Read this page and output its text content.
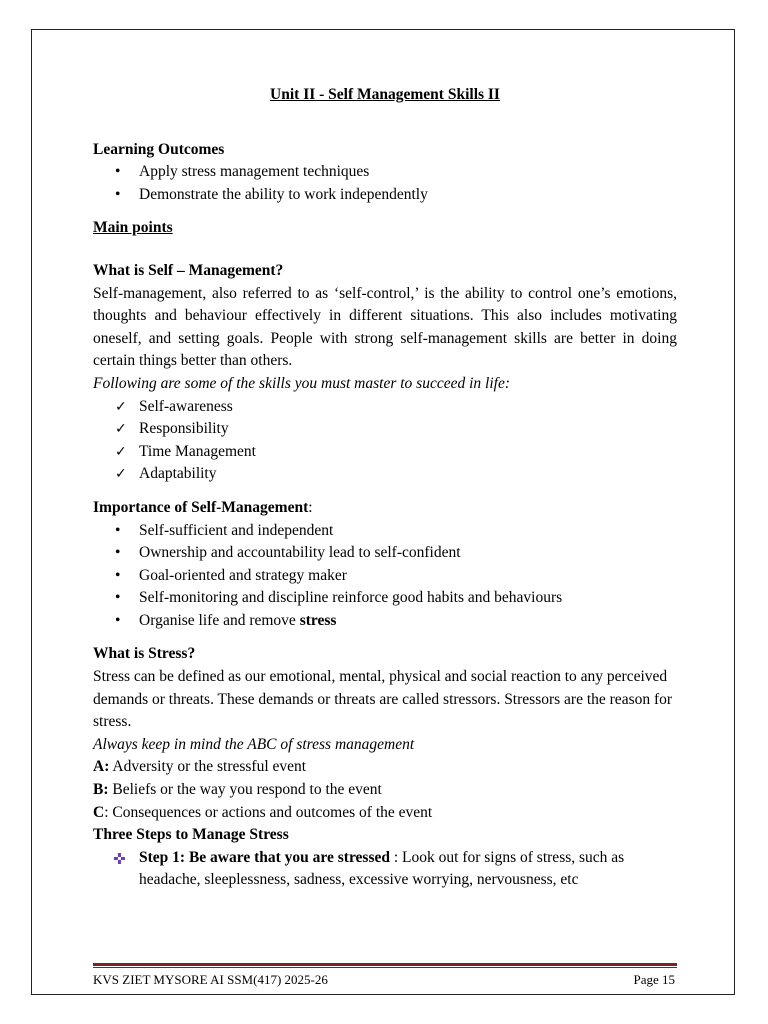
Unit II - Self Management Skills II
Learning Outcomes
• Apply stress management techniques
• Demonstrate the ability to work independently
Main points
What is Self – Management?

Self-management, also referred to as ‘self-control,’ is the ability to control one’s emotions, thoughts and behaviour effectively in different situations. This also includes motivating oneself, and setting goals. People with strong self-management skills are better in doing certain things better than others.

Following are some of the skills you must master to succeed in life:

✓ Self-awareness
✓ Responsibility
✓ Time Management
✓ Adaptability
Importance of Self-Management:
• Self-sufficient and independent
• Ownership and accountability lead to self-confident
• Goal-oriented and strategy maker
• Self-monitoring and discipline reinforce good habits and behaviours
• Organise life and remove stress
What is Stress?

Stress can be defined as our emotional, mental, physical and social reaction to any perceived demands or threats. These demands or threats are called stressors. Stressors are the reason for stress.

Always keep in mind the ABC of stress management

A: Adversity or the stressful event

B: Beliefs or the way you respond to the event

C: Consequences or actions and outcomes of the event

Three Steps to Manage Stress
✜ Step 1: Be aware that you are stressed : Look out for signs of stress, such as headache, sleeplessness, sadness, excessive worrying, nervousness, etc
KVS ZIET MYSORE AI SSM(417) 2025-26	Page 15
